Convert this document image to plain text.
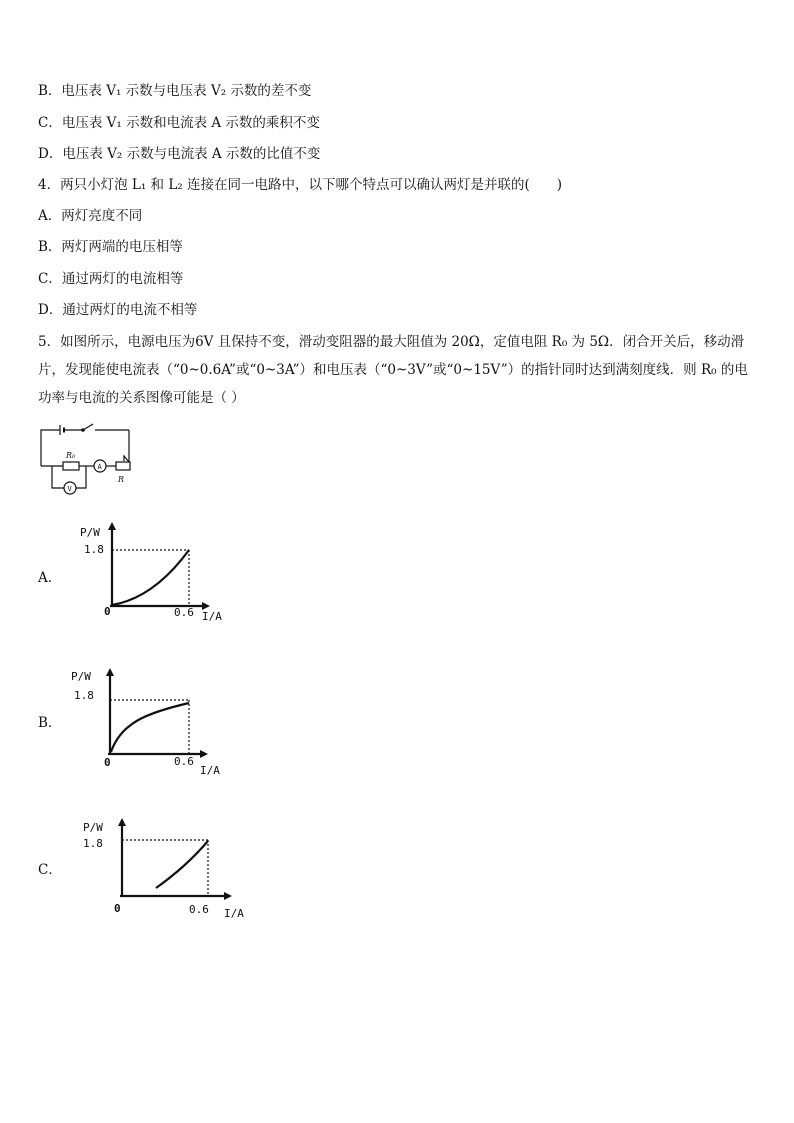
B．电压表 V₁ 示数与电压表 V₂ 示数的差不变
C．电压表 V₁ 示数和电流表 A 示数的乘积不变
D．电压表 V₂ 示数与电流表 A 示数的比值不变
4．两只小灯泡 L₁ 和 L₂ 连接在同一电路中，以下哪个特点可以确认两灯是并联的(　　)
A．两灯亮度不同
B．两灯两端的电压相等
C．通过两灯的电流相等
D．通过两灯的电流不相等
5．如图所示，电源电压为6V 且保持不变，滑动变阻器的最大阻值为 20Ω，定值电阻 R₀ 为 5Ω．闭合开关后，移动滑片，发现能使电流表（“0~0.6A”或“0~3A”）和电压表（“0~3V”或“0~15V”）的指针同时达到满刻度线．则 R₀ 的电功率与电流的关系图像可能是（ ）
R₀
A
V
R
A．
P/W
1.8
0	0.6 I/A
B．
P/W
1.8
0	0.6
I/A
C．
P/W
1.8
0	0.6 I/A
